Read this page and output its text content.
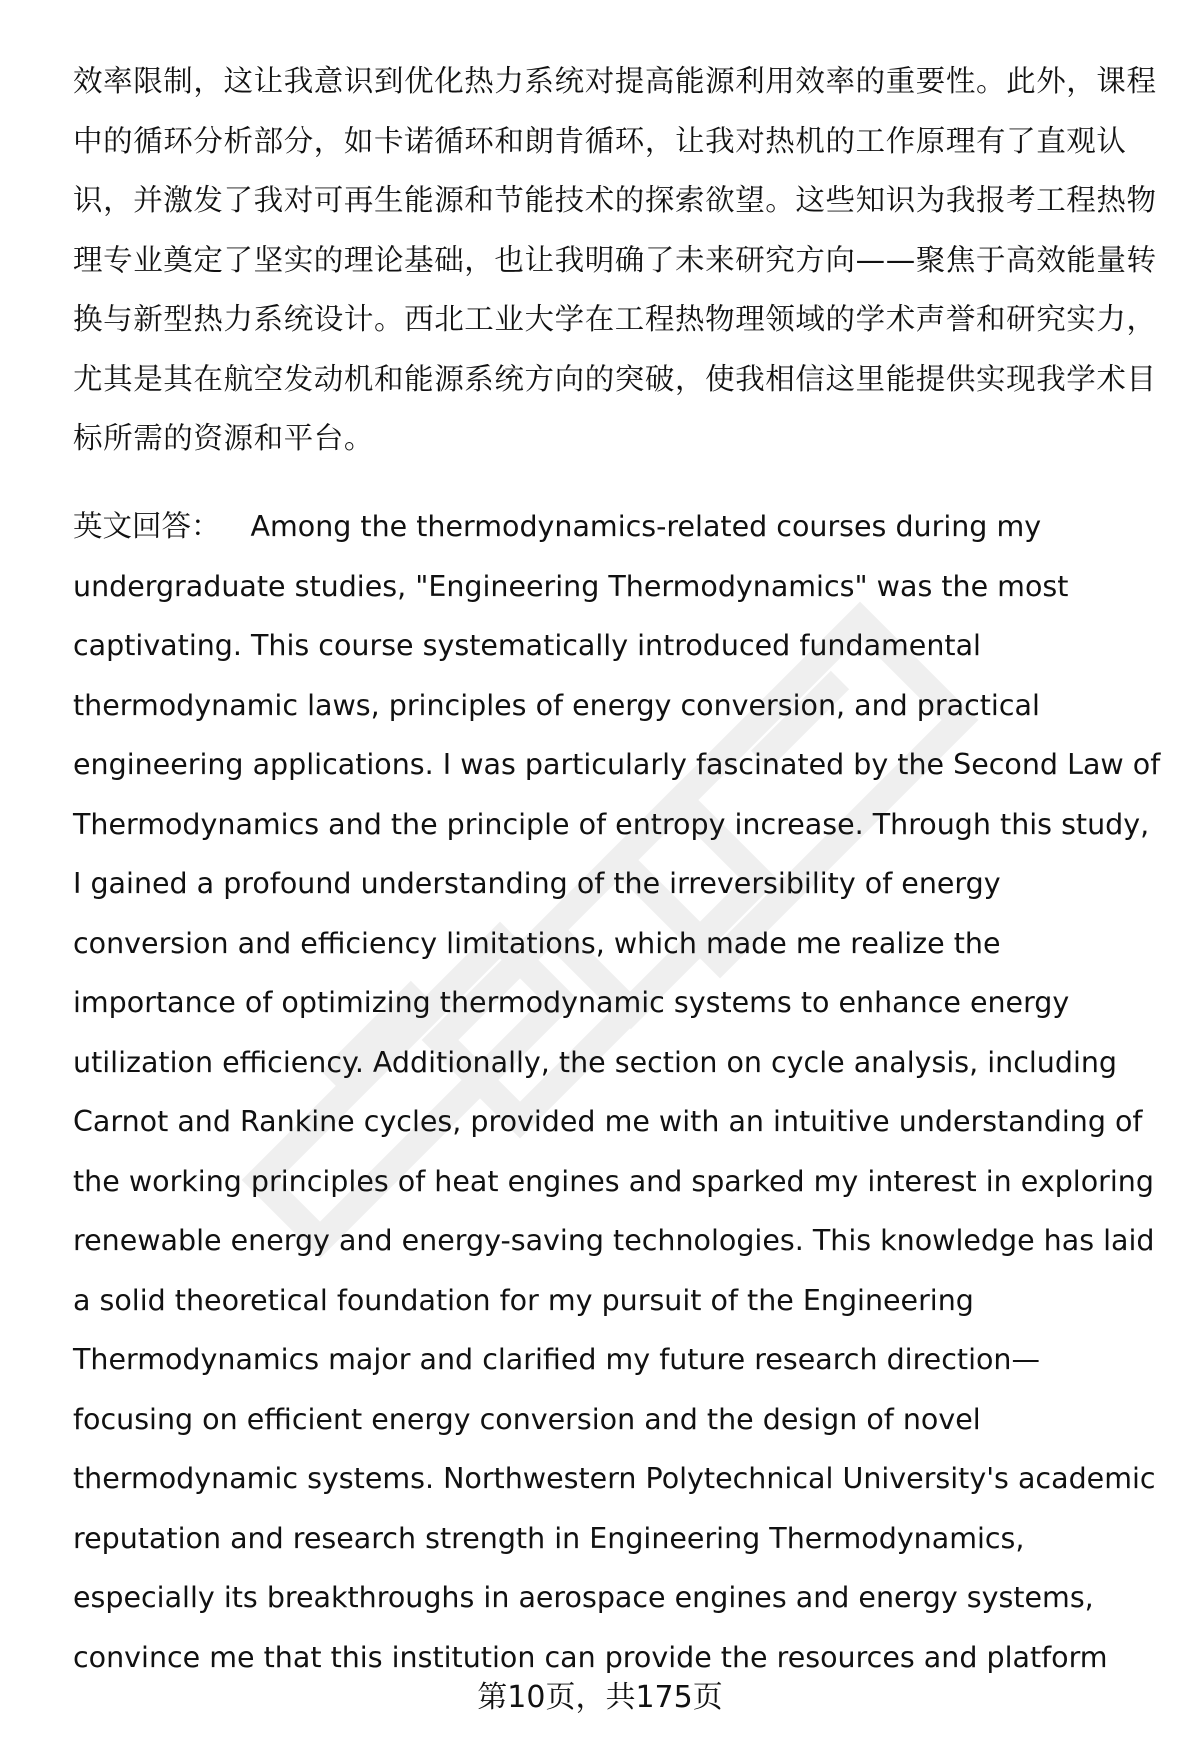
效率限制，这让我意识到优化热力系统对提高能源利用效率的重要性。此外，课程
中的循环分析部分，如卡诺循环和朗肯循环，让我对热机的工作原理有了直观认
识，并激发了我对可再生能源和节能技术的探索欲望。这些知识为我报考工程热物
理专业奠定了坚实的理论基础，也让我明确了未来研究方向——聚焦于高效能量转
换与新型热力系统设计。西北工业大学在工程热物理领域的学术声誉和研究实力，
尤其是其在航空发动机和能源系统方向的突破，使我相信这里能提供实现我学术目
标所需的资源和平台。
英文回答： Among the thermodynamics-related courses during my
undergraduate studies, "Engineering Thermodynamics" was the most
captivating. This course systematically introduced fundamental
thermodynamic laws, principles of energy conversion, and practical
engineering applications. I was particularly fascinated by the Second Law of
Thermodynamics and the principle of entropy increase. Through this study,
I gained a profound understanding of the irreversibility of energy
conversion and efficiency limitations, which made me realize the
importance of optimizing thermodynamic systems to enhance energy
utilization efficiency. Additionally, the section on cycle analysis, including
Carnot and Rankine cycles, provided me with an intuitive understanding of
the working principles of heat engines and sparked my interest in exploring
renewable energy and energy-saving technologies. This knowledge has laid
a solid theoretical foundation for my pursuit of the Engineering
Thermodynamics major and clarified my future research direction—
focusing on efficient energy conversion and the design of novel
thermodynamic systems. Northwestern Polytechnical University's academic
reputation and research strength in Engineering Thermodynamics,
especially its breakthroughs in aerospace engines and energy systems,
convince me that this institution can provide the resources and platform
第10页，共175页
